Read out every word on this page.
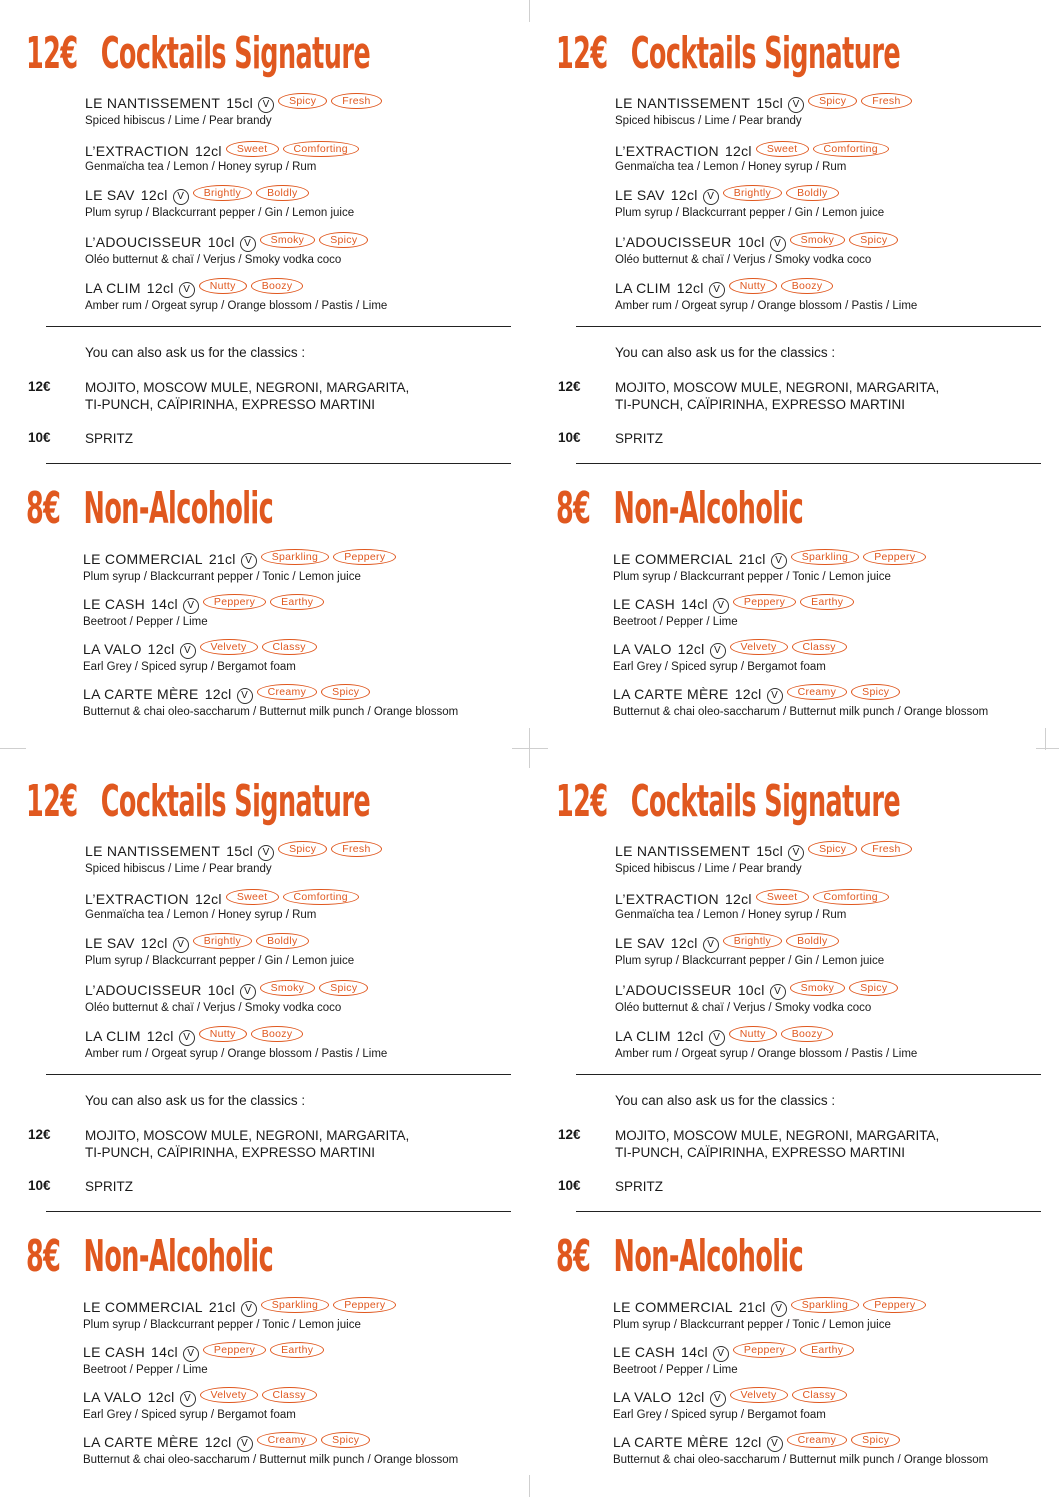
12€ Cocktails Signature
LE NANTISSEMENT 15cl V Spicy Fresh
Spiced hibiscus / Lime / Pear brandy
L’EXTRACTION 12cl Sweet Comforting
Genmaïcha tea / Lemon / Honey syrup / Rum
LE SAV 12cl V Brightly Boldly
Plum syrup / Blackcurrant pepper / Gin / Lemon juice
L’ADOUCISSEUR 10cl V Smoky Spicy
Oléo butternut & chaï / Verjus / Smoky vodka coco
LA CLIM 12cl V Nutty Boozy
Amber rum / Orgeat syrup / Orange blossom / Pastis / Lime
You can also ask us for the classics :
12€	MOJITO, MOSCOW MULE, NEGRONI, MARGARITA,
TI-PUNCH, CAÏPIRINHA, EXPRESSO MARTINI
10€	SPRITZ
8€ Non-Alcoholic
LE COMMERCIAL 21cl V Sparkling Peppery
Plum syrup / Blackcurrant pepper / Tonic / Lemon juice
LE CASH 14cl V Peppery Earthy
Beetroot / Pepper / Lime
LA VALO 12cl V Velvety Classy
Earl Grey / Spiced syrup / Bergamot foam
LA CARTE MÈRE 12cl V Creamy Spicy
Butternut & chai oleo-saccharum / Butternut milk punch / Orange blossom
12€ Cocktails Signature
LE NANTISSEMENT 15cl V Spicy Fresh
Spiced hibiscus / Lime / Pear brandy
L’EXTRACTION 12cl Sweet Comforting
Genmaïcha tea / Lemon / Honey syrup / Rum
LE SAV 12cl V Brightly Boldly
Plum syrup / Blackcurrant pepper / Gin / Lemon juice
L’ADOUCISSEUR 10cl V Smoky Spicy
Oléo butternut & chaï / Verjus / Smoky vodka coco
LA CLIM 12cl V Nutty Boozy
Amber rum / Orgeat syrup / Orange blossom / Pastis / Lime
You can also ask us for the classics :
12€	MOJITO, MOSCOW MULE, NEGRONI, MARGARITA,
TI-PUNCH, CAÏPIRINHA, EXPRESSO MARTINI
10€	SPRITZ
8€ Non-Alcoholic
LE COMMERCIAL 21cl V Sparkling Peppery
Plum syrup / Blackcurrant pepper / Tonic / Lemon juice
LE CASH 14cl V Peppery Earthy
Beetroot / Pepper / Lime
LA VALO 12cl V Velvety Classy
Earl Grey / Spiced syrup / Bergamot foam
LA CARTE MÈRE 12cl V Creamy Spicy
Butternut & chai oleo-saccharum / Butternut milk punch / Orange blossom
12€ Cocktails Signature
LE NANTISSEMENT 15cl V Spicy Fresh
Spiced hibiscus / Lime / Pear brandy
L’EXTRACTION 12cl Sweet Comforting
Genmaïcha tea / Lemon / Honey syrup / Rum
LE SAV 12cl V Brightly Boldly
Plum syrup / Blackcurrant pepper / Gin / Lemon juice
L’ADOUCISSEUR 10cl V Smoky Spicy
Oléo butternut & chaï / Verjus / Smoky vodka coco
LA CLIM 12cl V Nutty Boozy
Amber rum / Orgeat syrup / Orange blossom / Pastis / Lime
You can also ask us for the classics :
12€	MOJITO, MOSCOW MULE, NEGRONI, MARGARITA,
TI-PUNCH, CAÏPIRINHA, EXPRESSO MARTINI
10€	SPRITZ
8€ Non-Alcoholic
LE COMMERCIAL 21cl V Sparkling Peppery
Plum syrup / Blackcurrant pepper / Tonic / Lemon juice
LE CASH 14cl V Peppery Earthy
Beetroot / Pepper / Lime
LA VALO 12cl V Velvety Classy
Earl Grey / Spiced syrup / Bergamot foam
LA CARTE MÈRE 12cl V Creamy Spicy
Butternut & chai oleo-saccharum / Butternut milk punch / Orange blossom
12€ Cocktails Signature
LE NANTISSEMENT 15cl V Spicy Fresh
Spiced hibiscus / Lime / Pear brandy
L’EXTRACTION 12cl Sweet Comforting
Genmaïcha tea / Lemon / Honey syrup / Rum
LE SAV 12cl V Brightly Boldly
Plum syrup / Blackcurrant pepper / Gin / Lemon juice
L’ADOUCISSEUR 10cl V Smoky Spicy
Oléo butternut & chaï / Verjus / Smoky vodka coco
LA CLIM 12cl V Nutty Boozy
Amber rum / Orgeat syrup / Orange blossom / Pastis / Lime
You can also ask us for the classics :
12€	MOJITO, MOSCOW MULE, NEGRONI, MARGARITA,
TI-PUNCH, CAÏPIRINHA, EXPRESSO MARTINI
10€	SPRITZ
8€ Non-Alcoholic
LE COMMERCIAL 21cl V Sparkling Peppery
Plum syrup / Blackcurrant pepper / Tonic / Lemon juice
LE CASH 14cl V Peppery Earthy
Beetroot / Pepper / Lime
LA VALO 12cl V Velvety Classy
Earl Grey / Spiced syrup / Bergamot foam
LA CARTE MÈRE 12cl V Creamy Spicy
Butternut & chai oleo-saccharum / Butternut milk punch / Orange blossom
